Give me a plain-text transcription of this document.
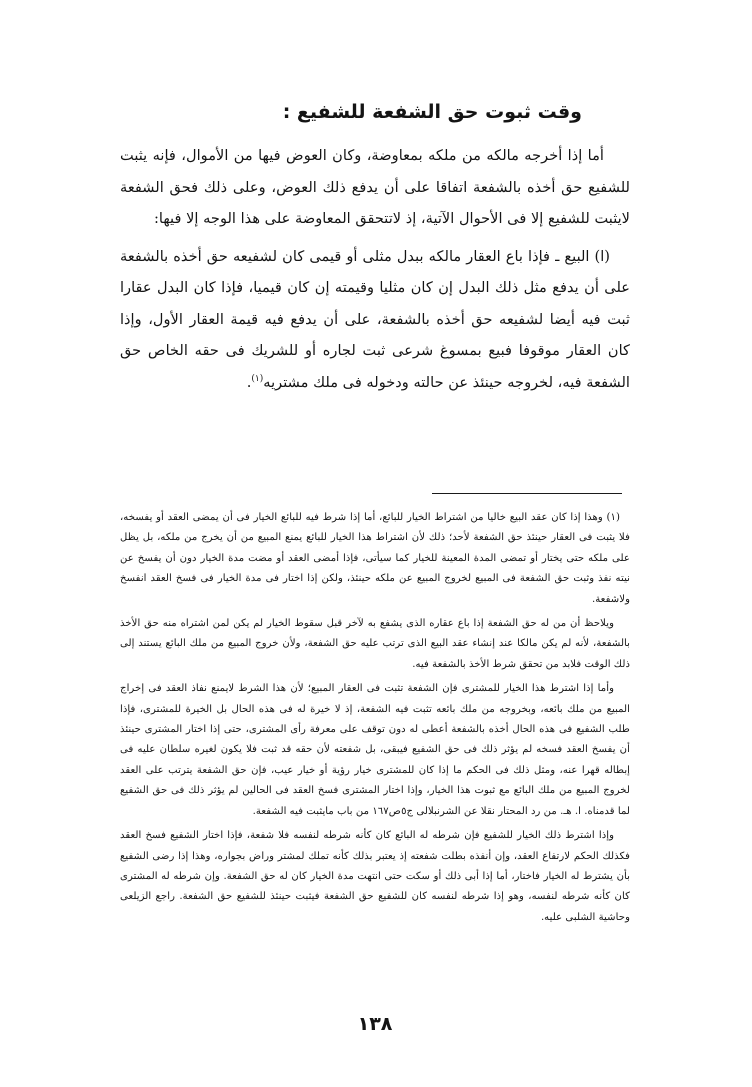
وقت ثبوت حق الشفعة للشفيع :

أما إذا أخرجه مالكه من ملكه بمعاوضة، وكان العوض فيها من الأموال، فإنه يثبت للشفيع حق أخذه بالشفعة اتفاقا على أن يدفع ذلك العوض، وعلى ذلك فحق الشفعة لايثبت للشفيع إلا فى الأحوال الآتية، إذ لاتتحقق المعاوضة على هذا الوجه إلا فيها:

(ا) البيع ـ فإذا باع العقار مالكه ببدل مثلى أو قيمى كان لشفيعه حق أخذه بالشفعة على أن يدفع مثل ذلك البدل إن كان مثليا وقيمته إن كان قيميا، فإذا كان البدل عقارا ثبت فيه أيضا لشفيعه حق أخذه بالشفعة، على أن يدفع فيه قيمة العقار الأول، وإذا كان العقار موقوفا فبيع بمسوغ شرعى ثبت لجاره أو للشريك فى حقه الخاص حق الشفعة فيه، لخروجه حينئذ عن حالته ودخوله فى ملك مشتريه$^{(١)}$.

(١) وهذا إذا كان عقد البيع خاليا من اشتراط الخيار للبائع، أما إذا شرط فيه للبائع الخيار فى أن يمضى العقد أو يفسخه، فلا يثبت فى العقار حينئذ حق الشفعة لأحد؛ ذلك لأن اشتراط هذا الخيار للبائع يمنع المبيع من أن يخرج من ملكه، بل يظل على ملكه حتى يختار أو تمضى المدة المعينة للخيار كما سيأتى، فإذا أمضى العقد أو مضت مدة الخيار دون أن يفسخ عن نيته نفذ وثبت حق الشفعة فى المبيع لخروج المبيع عن ملكه حينئذ، ولكن إذا اختار فى مدة الخيار فى فسخ العقد انفسخ ولاشفعة.

ويلاحظ أن من له حق الشفعة إذا باع عقاره الذى يشفع به لآخر قبل سقوط الخيار لم يكن لمن اشتراه منه حق الأخذ بالشفعة، لأنه لم يكن مالكا عند إنشاء عقد البيع الذى ترتب عليه حق الشفعة، ولأن خروج المبيع من ملك البائع يستند إلى ذلك الوقت فلابد من تحقق شرط الأخذ بالشفعة فيه.

وأما إذا اشترط هذا الخيار للمشترى فإن الشفعة تثبت فى العقار المبيع؛ لأن هذا الشرط لايمنع نفاذ العقد فى إخراج المبيع من ملك بائعه، وبخروجه من ملك بائعه تثبت فيه الشفعة، إذ لا خيرة له فى هذه الحال بل الخيرة للمشترى، فإذا طلب الشفيع فى هذه الحال أخذه بالشفعة أعطى له دون توقف على معرفة رأى المشترى، حتى إذا اختار المشترى حينئذ أن يفسخ العقد فسخه لم يؤثر ذلك فى حق الشفيع فيبقى، بل شفعته لأن حقه قد ثبت فلا يكون لغيره سلطان عليه فى إبطاله قهرا عنه، ومثل ذلك فى الحكم ما إذا كان للمشترى خيار رؤية أو خيار عيب، فإن حق الشفعة يترتب على العقد لخروج المبيع من ملك البائع مع ثبوت هذا الخيار، وإذا اختار المشترى فسخ العقد فى الحالين لم يؤثر ذلك فى حق الشفيع لما قدمناه. ا. هـ. من رد المحتار نقلا عن الشرنبلالى ج٥ص١٦٧ من باب مايثبت فيه الشفعة.

وإذا اشترط ذلك الخيار للشفيع فإن شرطه له البائع كان كأنه شرطه لنفسه فلا شفعة، فإذا اختار الشفيع فسخ العقد فكذلك الحكم لارتفاع العقد، وإن أنفذه بطلت شفعته إذ يعتبر بذلك كأنه تملك لمشتر وراض بجواره، وهذا إذا رضى الشفيع بأن يشترط له الخيار فاختار، أما إذا أبى ذلك أو سكت حتى انتهت مدة الخيار كان له حق الشفعة. وإن شرطه له المشترى كان كأنه شرطه لنفسه، وهو إذا شرطه لنفسه كان للشفيع حق الشفعة فيثبت حينئذ للشفيع حق الشفعة. راجع الزيلعى وحاشية الشلبى عليه.

١٣٨
